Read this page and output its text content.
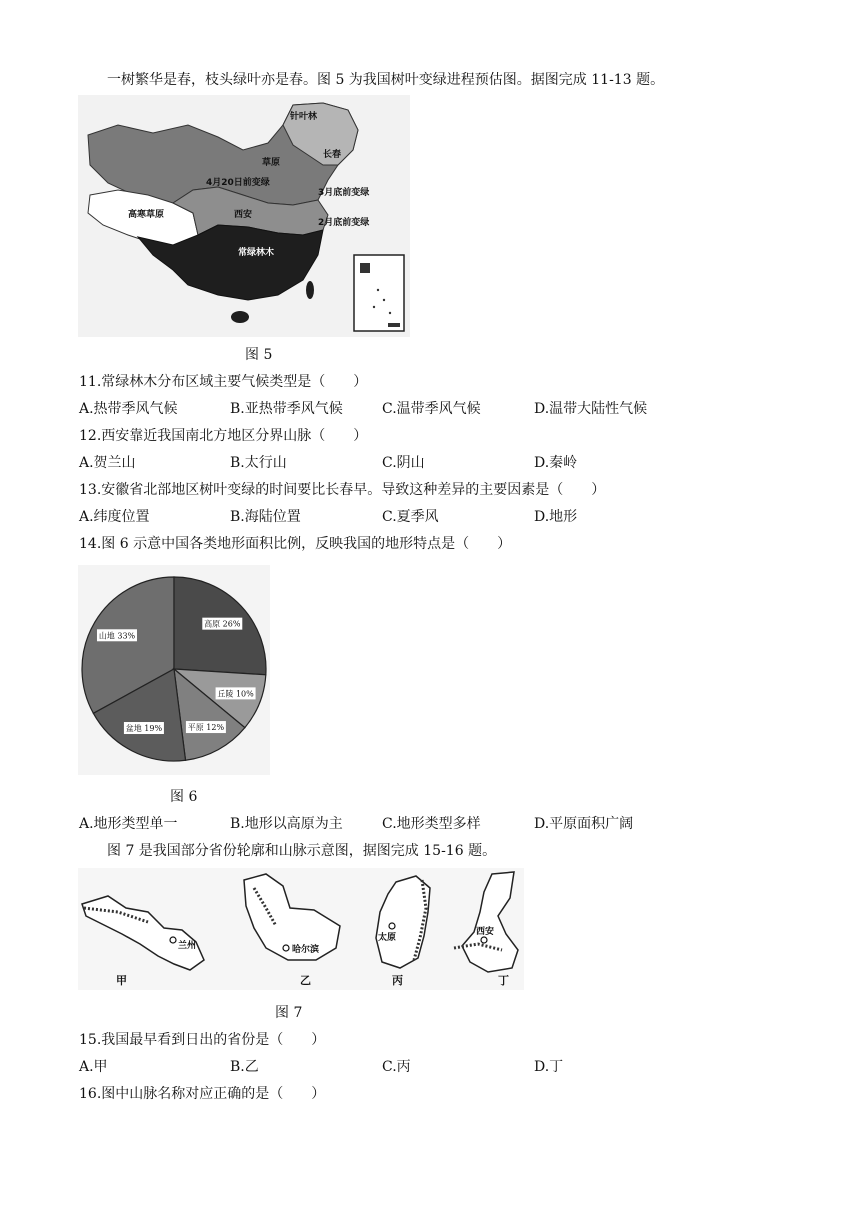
一树繁华是春，枝头绿叶亦是春。图 5 为我国树叶变绿进程预估图。据图完成 11-13 题。
针叶林
草原
长春
4月20日前变绿
3月底前变绿
高寒草原	西安
2月底前变绿
常绿林木
图 5
11.常绿林木分布区域主要气候类型是（　　）
A.热带季风气候	B.亚热带季风气候	C.温带季风气候	D.温带大陆性气候
12.西安靠近我国南北方地区分界山脉（　　）
A.贺兰山	B.太行山	C.阴山	D.秦岭
13.安徽省北部地区树叶变绿的时间要比长春早。导致这种差异的主要因素是（　　）
A.纬度位置	B.海陆位置	C.夏季风	D.地形
14.图 6 示意中国各类地形面积比例，反映我国的地形特点是（　　）
山地 33%
高原 26%
丘陵 10%
平原 12%
盆地 19%
图 6
A.地形类型单一	B.地形以高原为主	C.地形类型多样	D.平原面积广阔
图 7 是我国部分省份轮廓和山脉示意图，据图完成 15-16 题。
兰州
甲
哈尔滨
乙
太原
丙
西安
丁
图 7
15.我国最早看到日出的省份是（　　）
A.甲	B.乙	C.丙	D.丁
16.图中山脉名称对应正确的是（　　）
